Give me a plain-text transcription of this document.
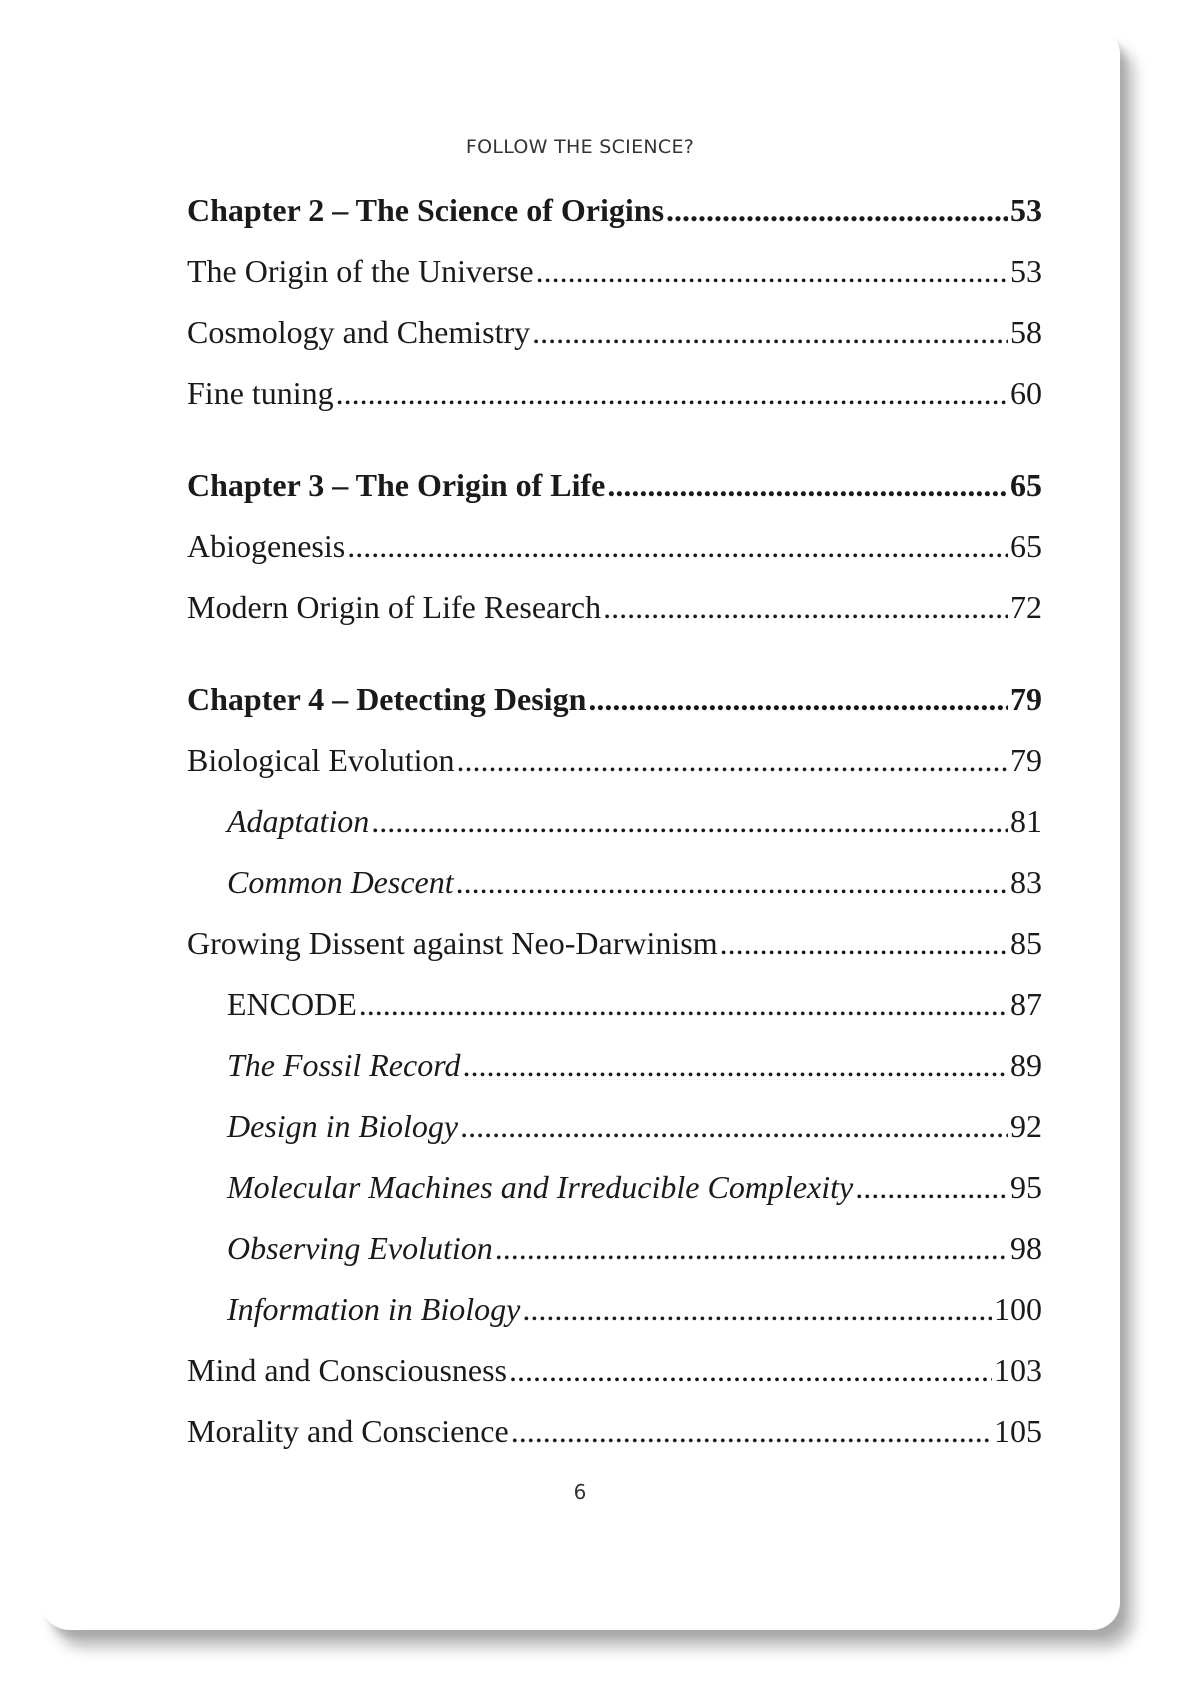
FOLLOW THE SCIENCE?
Chapter 2 – The Science of Origins .....	53
The Origin of the Universe .....	53
Cosmology and Chemistry .....	58
Fine tuning .....	60
Chapter 3 – The Origin of Life .....	65
Abiogenesis .....	65
Modern Origin of Life Research .....	72
Chapter 4 – Detecting Design .....	79
Biological Evolution .....	79
Adaptation .....	81
Common Descent .....	83
Growing Dissent against Neo-Darwinism .....	85
ENCODE .....	87
The Fossil Record .....	89
Design in Biology .....	92
Molecular Machines and Irreducible Complexity .....	95
Observing Evolution .....	98
Information in Biology .....	100
Mind and Consciousness .....	103
Morality and Conscience .....	105
6
